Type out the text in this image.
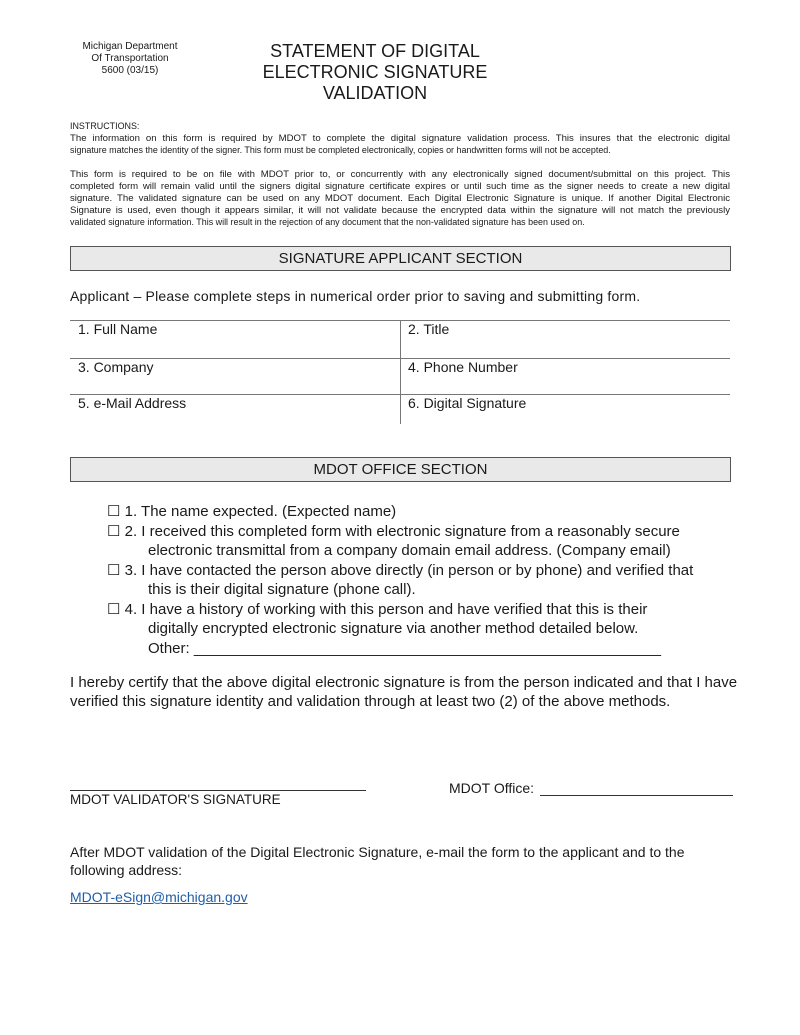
Michigan Department
Of Transportation
5600 (03/15)
STATEMENT OF DIGITAL
ELECTRONIC SIGNATURE
VALIDATION
INSTRUCTIONS:
The information on this form is required by MDOT to complete the digital signature validation process. This insures that the electronic digital
signature matches the identity of the signer. This form must be completed electronically, copies or handwritten forms will not be accepted.
This form is required to be on file with MDOT prior to, or concurrently with any electronically signed document/submittal on this project. This
completed form will remain valid until the signers digital signature certificate expires or until such time as the signer needs to create a new digital
signature. The validated signature can be used on any MDOT document. Each Digital Electronic Signature is unique. If another Digital Electronic
Signature is used, even though it appears similar, it will not validate because the encrypted data within the signature will not match the previously
validated signature information. This will result in the rejection of any document that the non-validated signature has been used on.
SIGNATURE APPLICANT SECTION
Applicant – Please complete steps in numerical order prior to saving and submitting form.
1. Full Name	2. Title
3. Company	4. Phone Number
5. e-Mail Address	6. Digital Signature
MDOT OFFICE SECTION
☐ 1. The name expected. (Expected name)
☐ 2. I received this completed form with electronic signature from a reasonably secure
electronic transmittal from a company domain email address. (Company email)
☐ 3. I have contacted the person above directly (in person or by phone) and verified that
this is their digital signature (phone call).
☐ 4. I have a history of working with this person and have verified that this is their
digitally encrypted electronic signature via another method detailed below.
Other: ________________________________________________________
I hereby certify that the above digital electronic signature is from the person indicated and that I have verified this signature identity and validation through at least two (2) of the above methods.
MDOT VALIDATOR'S SIGNATURE
MDOT Office:
After MDOT validation of the Digital Electronic Signature, e-mail the form to the applicant and to the following address:
MDOT-eSign@michigan.gov
